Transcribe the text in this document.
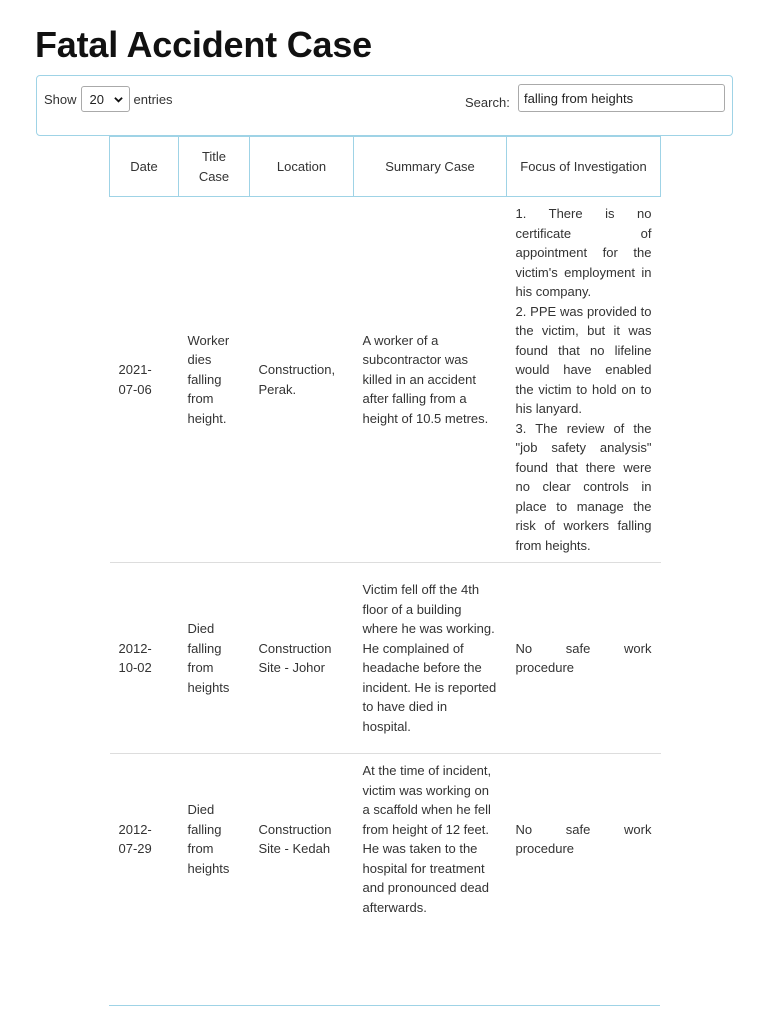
Fatal Accident Case
Show 20 entries	Search:
falling from heights
Date	Title Case	Location	Summary Case	Focus of Investigation
2021-07-06	Worker dies falling from height.	Construction, Perak.	A worker of a subcontractor was killed in an accident after falling from a height of 10.5 metres.	1. There is no certificate of appointment for the victim's employment in his company.
2. PPE was provided to the victim, but it was found that no lifeline would have enabled the victim to hold on to his lanyard.
3. The review of the "job safety analysis" found that there were no clear controls in place to manage the risk of workers falling from heights.

2012-10-02	Died falling from heights	Construction Site - Johor	Victim fell off the 4th floor of a building where he was working. He complained of headache before the incident. He is reported to have died in hospital.	No safe work procedure

2012-07-29	Died falling from heights	Construction Site - Kedah	At the time of incident, victim was working on a scaffold when he fell from height of 12 feet. He was taken to the hospital for treatment and pronounced dead afterwards.	No safe work procedure
